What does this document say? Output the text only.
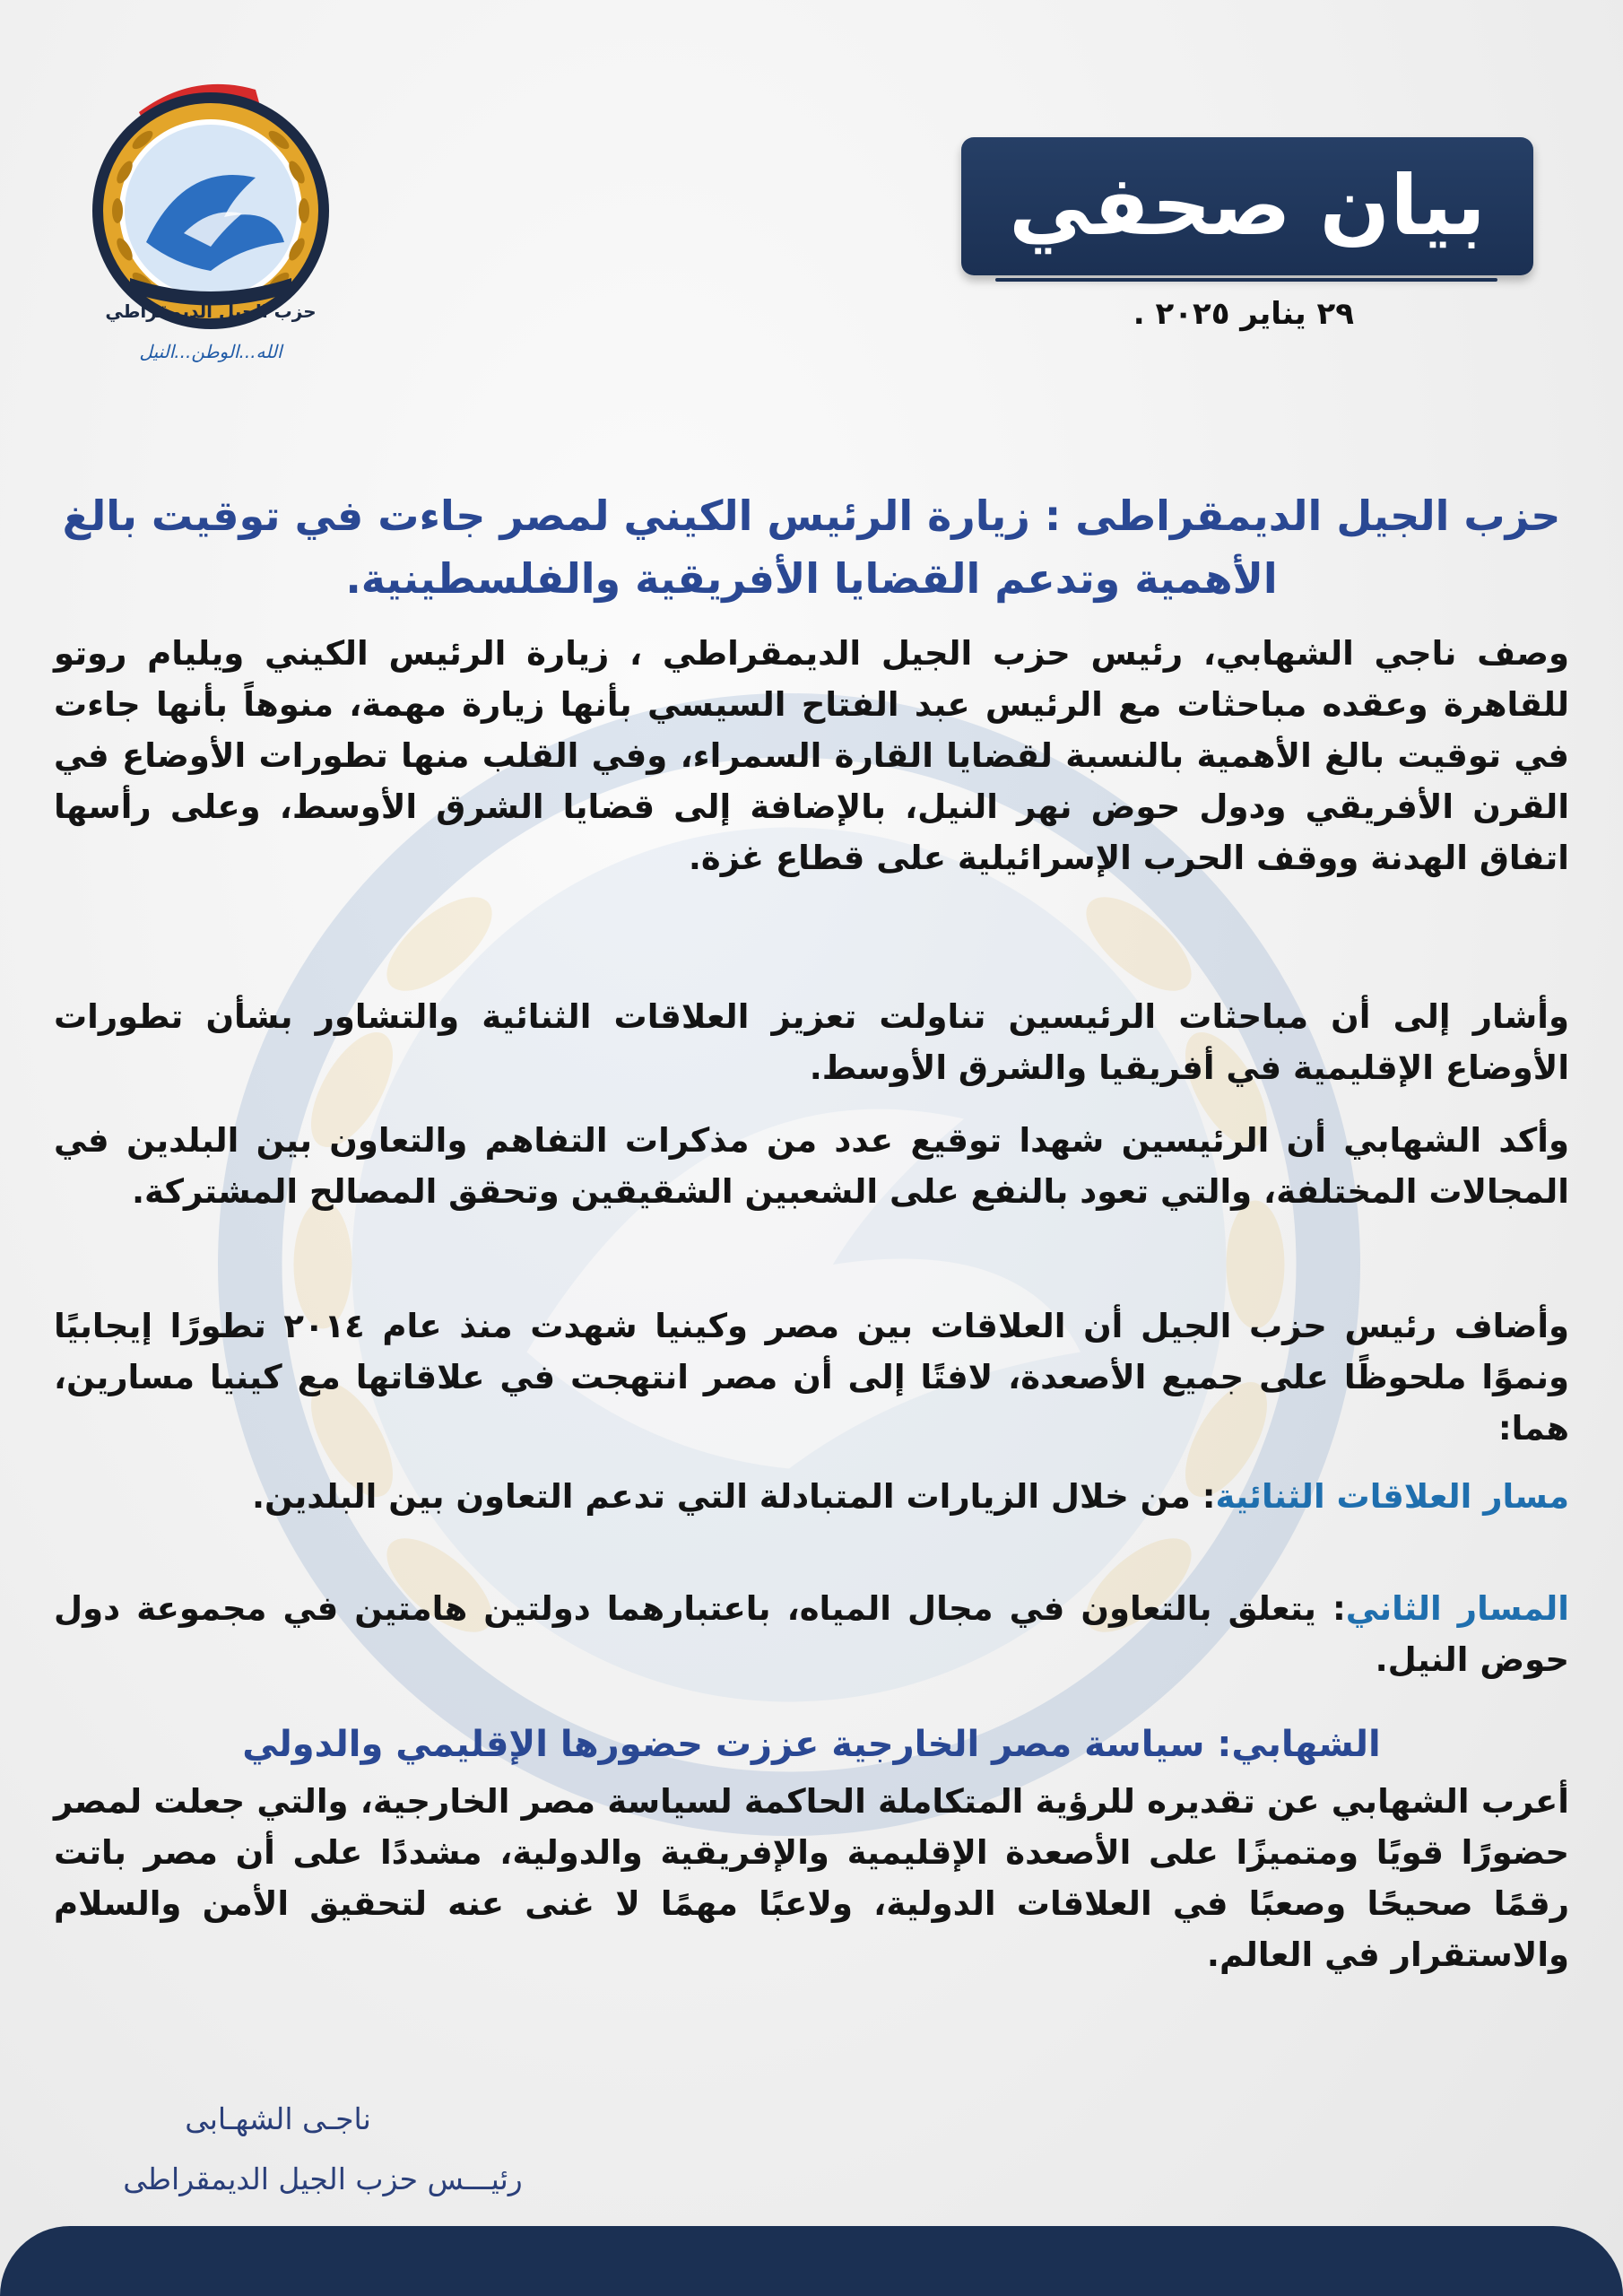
حزب الجيل الديمقراطي
الله...الوطن...النيل
بيان صحفي
٢٩ يناير ٢٠٢٥ .
حزب الجيل الديمقراطى : زيارة الرئيس الكيني لمصر جاءت في توقيت بالغ الأهمية وتدعم القضايا الأفريقية والفلسطينية.
وصف ناجي الشهابي، رئيس حزب الجيل الديمقراطي ، زيارة الرئيس الكيني ويليام روتو للقاهرة وعقده مباحثات مع الرئيس عبد الفتاح السيسي بأنها زيارة مهمة، منوهاً بأنها جاءت في توقيت بالغ الأهمية بالنسبة لقضايا القارة السمراء، وفي القلب منها تطورات الأوضاع في القرن الأفريقي ودول حوض نهر النيل، بالإضافة إلى قضايا الشرق الأوسط، وعلى رأسها اتفاق الهدنة ووقف الحرب الإسرائيلية على قطاع غزة.
وأشار إلى أن مباحثات الرئيسين تناولت تعزيز العلاقات الثنائية والتشاور بشأن تطورات الأوضاع الإقليمية في أفريقيا والشرق الأوسط.
وأكد الشهابي أن الرئيسين شهدا توقيع عدد من مذكرات التفاهم والتعاون بين البلدين في المجالات المختلفة، والتي تعود بالنفع على الشعبين الشقيقين وتحقق المصالح المشتركة.
وأضاف رئيس حزب الجيل أن العلاقات بين مصر وكينيا شهدت منذ عام ٢٠١٤ تطورًا إيجابيًا ونموًا ملحوظًا على جميع الأصعدة، لافتًا إلى أن مصر انتهجت في علاقاتها مع كينيا مسارين، هما:
مسار العلاقات الثنائية: من خلال الزيارات المتبادلة التي تدعم التعاون بين البلدين.
المسار الثاني: يتعلق بالتعاون في مجال المياه، باعتبارهما دولتين هامتين في مجموعة دول حوض النيل.
الشهابي: سياسة مصر الخارجية عززت حضورها الإقليمي والدولي
أعرب الشهابي عن تقديره للرؤية المتكاملة الحاكمة لسياسة مصر الخارجية، والتي جعلت لمصر حضورًا قويًا ومتميزًا على الأصعدة الإقليمية والإفريقية والدولية، مشددًا على أن مصر باتت رقمًا صحيحًا وصعبًا في العلاقات الدولية، ولاعبًا مهمًا لا غنى عنه لتحقيق الأمن والسلام والاستقرار في العالم.
ناجـى الشهـابى
رئيـــس حزب الجيل الديمقراطى
